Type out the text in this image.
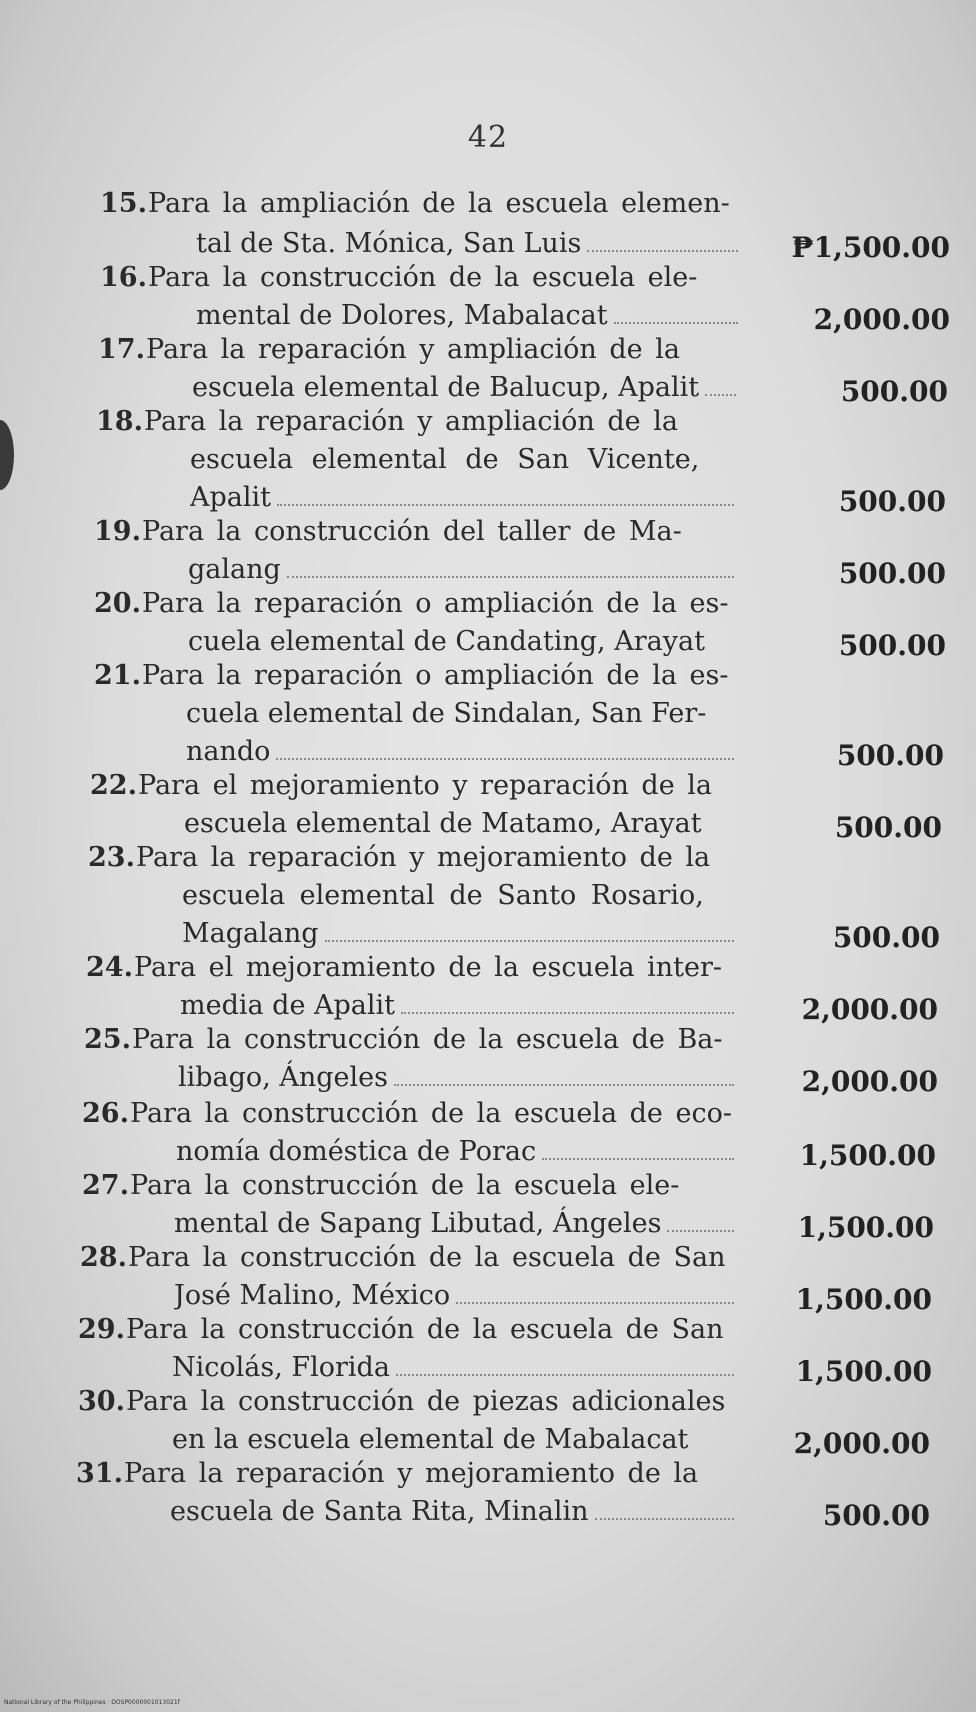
42
15.Para la ampliación de la escuela elemen-
tal de Sta. Mónica, San Luis	₱1,500.00
16.Para la construcción de la escuela ele-
mental de Dolores, Mabalacat	2,000.00
17.Para la reparación y ampliación de la
escuela elemental de Balucup, Apalit	500.00
18.Para la reparación y ampliación de la
escuela elemental de San Vicente,
Apalit	500.00
19.Para la construcción del taller de Ma-
galang	500.00
20.Para la reparación o ampliación de la es-
cuela elemental de Candating, Arayat	500.00
21.Para la reparación o ampliación de la es-
cuela elemental de Sindalan, San Fer-
nando	500.00
22.Para el mejoramiento y reparación de la
escuela elemental de Matamo, Arayat	500.00
23.Para la reparación y mejoramiento de la
escuela elemental de Santo Rosario,
Magalang	500.00
24.Para el mejoramiento de la escuela inter-
media de Apalit	2,000.00
25.Para la construcción de la escuela de Ba-
libago, Ángeles	2,000.00
26.Para la construcción de la escuela de eco-
nomía doméstica de Porac	1,500.00
27.Para la construcción de la escuela ele-
mental de Sapang Libutad, Ángeles	1,500.00
28.Para la construcción de la escuela de San
José Malino, México	1,500.00
29.Para la construcción de la escuela de San
Nicolás, Florida	1,500.00
30.Para la construcción de piezas adicionales
en la escuela elemental de Mabalacat	2,000.00
31.Para la reparación y mejoramiento de la
escuela de Santa Rita, Minalin	500.00
National Library of the Philippines · DOSP0000001013021f
